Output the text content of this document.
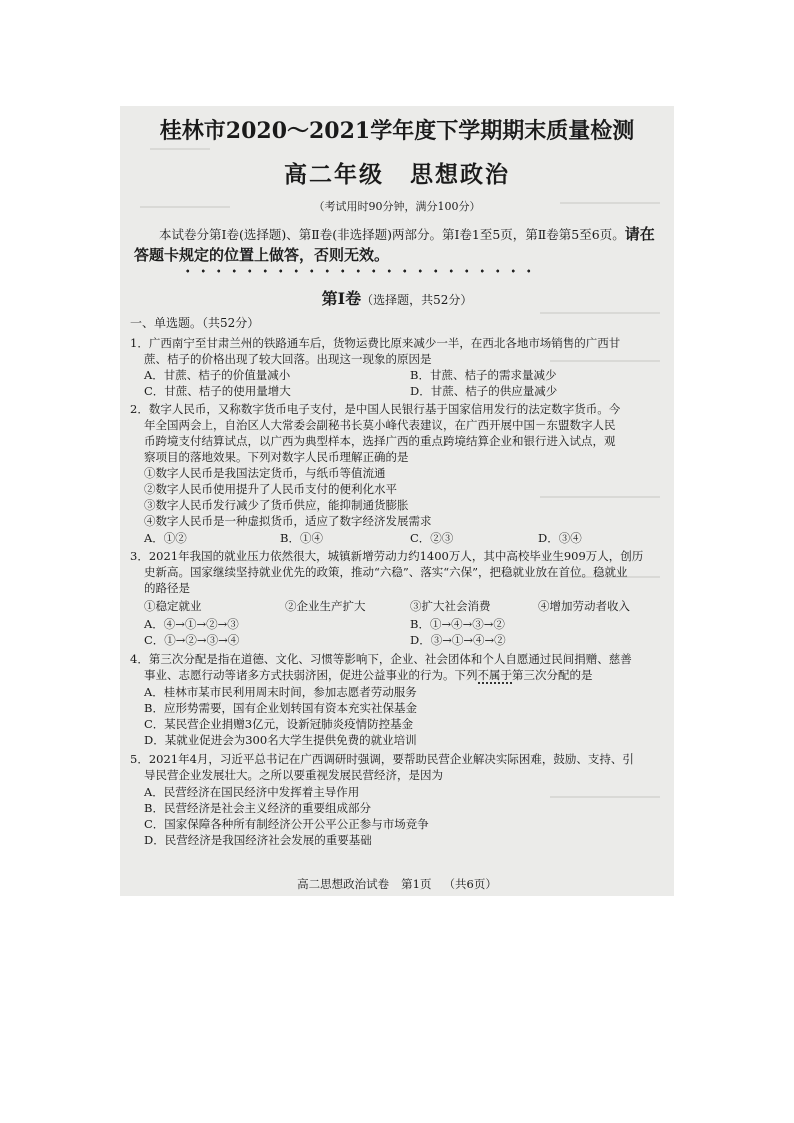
桂林市2020～2021学年度下学期期末质量检测
高二年级 思想政治
（考试用时90分钟，满分100分）
本试卷分第Ⅰ卷(选择题)、第Ⅱ卷(非选择题)两部分。第Ⅰ卷1至5页，第Ⅱ卷第5至6页。请在答题卡规定的位置上做答，否则无效。
第Ⅰ卷（选择题，共52分）
一、单选题。（共52分）
1．广西南宁至甘肃兰州的铁路通车后，货物运费比原来减少一半，在西北各地市场销售的广西甘
蔗、桔子的价格出现了较大回落。出现这一现象的原因是
A．甘蔗、桔子的价值量减小	B．甘蔗、桔子的需求量减少
C．甘蔗、桔子的使用量增大	D．甘蔗、桔子的供应量减少
2．数字人民币，又称数字货币电子支付，是中国人民银行基于国家信用发行的法定数字货币。今
年全国两会上，自治区人大常委会副秘书长莫小峰代表建议，在广西开展中国－东盟数字人民
币跨境支付结算试点，以广西为典型样本，选择广西的重点跨境结算企业和银行进入试点，观
察项目的落地效果。下列对数字人民币理解正确的是
①数字人民币是我国法定货币，与纸币等值流通
②数字人民币使用提升了人民币支付的便利化水平
③数字人民币发行减少了货币供应，能抑制通货膨胀
④数字人民币是一种虚拟货币，适应了数字经济发展需求
A．①②	B．①④	C．②③	D．③④
3．2021年我国的就业压力依然很大，城镇新增劳动力约1400万人，其中高校毕业生909万人，创历
史新高。国家继续坚持就业优先的政策，推动“六稳”、落实“六保”，把稳就业放在首位。稳就业
的路径是
①稳定就业	②企业生产扩大	③扩大社会消费	④增加劳动者收入
A．④→①→②→③	B．①→④→③→②
C．①→②→③→④	D．③→①→④→②
4．第三次分配是指在道德、文化、习惯等影响下，企业、社会团体和个人自愿通过民间捐赠、慈善
事业、志愿行动等诸多方式扶弱济困，促进公益事业的行为。下列不属于第三次分配的是
A．桂林市某市民利用周末时间，参加志愿者劳动服务
B．应形势需要，国有企业划转国有资本充实社保基金
C．某民营企业捐赠3亿元，设新冠肺炎疫情防控基金
D．某就业促进会为300名大学生提供免费的就业培训
5．2021年4月，习近平总书记在广西调研时强调，要帮助民营企业解决实际困难，鼓励、支持、引
导民营企业发展壮大。之所以要重视发展民营经济，是因为
A．民营经济在国民经济中发挥着主导作用
B．民营经济是社会主义经济的重要组成部分
C．国家保障各种所有制经济公开公平公正参与市场竞争
D．民营经济是我国经济社会发展的重要基础
高二思想政治试卷 第1页 （共6页）
